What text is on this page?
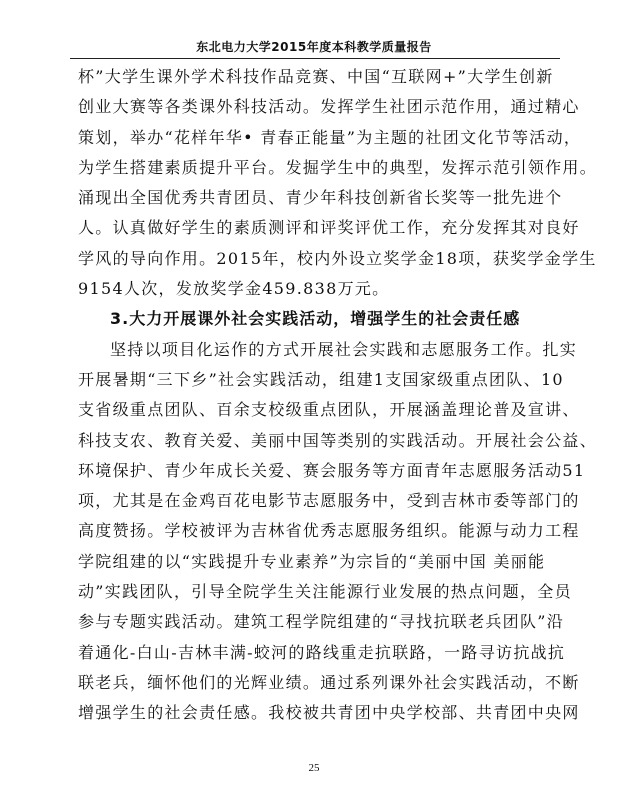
东北电力大学2015年度本科教学质量报告
杯”大学生课外学术科技作品竞赛、中国“互联网+”大学生创新
创业大赛等各类课外科技活动。发挥学生社团示范作用，通过精心
策划，举办“花样年华• 青春正能量”为主题的社团文化节等活动，
为学生搭建素质提升平台。发掘学生中的典型，发挥示范引领作用。
涌现出全国优秀共青团员、青少年科技创新省长奖等一批先进个
人。认真做好学生的素质测评和评奖评优工作，充分发挥其对良好
学风的导向作用。2015年，校内外设立奖学金18项，获奖学金学生
9154人次，发放奖学金459.838万元。
3.大力开展课外社会实践活动，增强学生的社会责任感
坚持以项目化运作的方式开展社会实践和志愿服务工作。扎实
开展暑期“三下乡”社会实践活动，组建1支国家级重点团队、10
支省级重点团队、百余支校级重点团队，开展涵盖理论普及宣讲、
科技支农、教育关爱、美丽中国等类别的实践活动。开展社会公益、
环境保护、青少年成长关爱、赛会服务等方面青年志愿服务活动51
项，尤其是在金鸡百花电影节志愿服务中，受到吉林市委等部门的
高度赞扬。学校被评为吉林省优秀志愿服务组织。能源与动力工程
学院组建的以“实践提升专业素养”为宗旨的“美丽中国 美丽能
动”实践团队，引导全院学生关注能源行业发展的热点问题，全员
参与专题实践活动。建筑工程学院组建的“寻找抗联老兵团队”沿
着通化-白山-吉林丰满-蛟河的路线重走抗联路，一路寻访抗战抗
联老兵，缅怀他们的光辉业绩。通过系列课外社会实践活动，不断
增强学生的社会责任感。我校被共青团中央学校部、共青团中央网
25
